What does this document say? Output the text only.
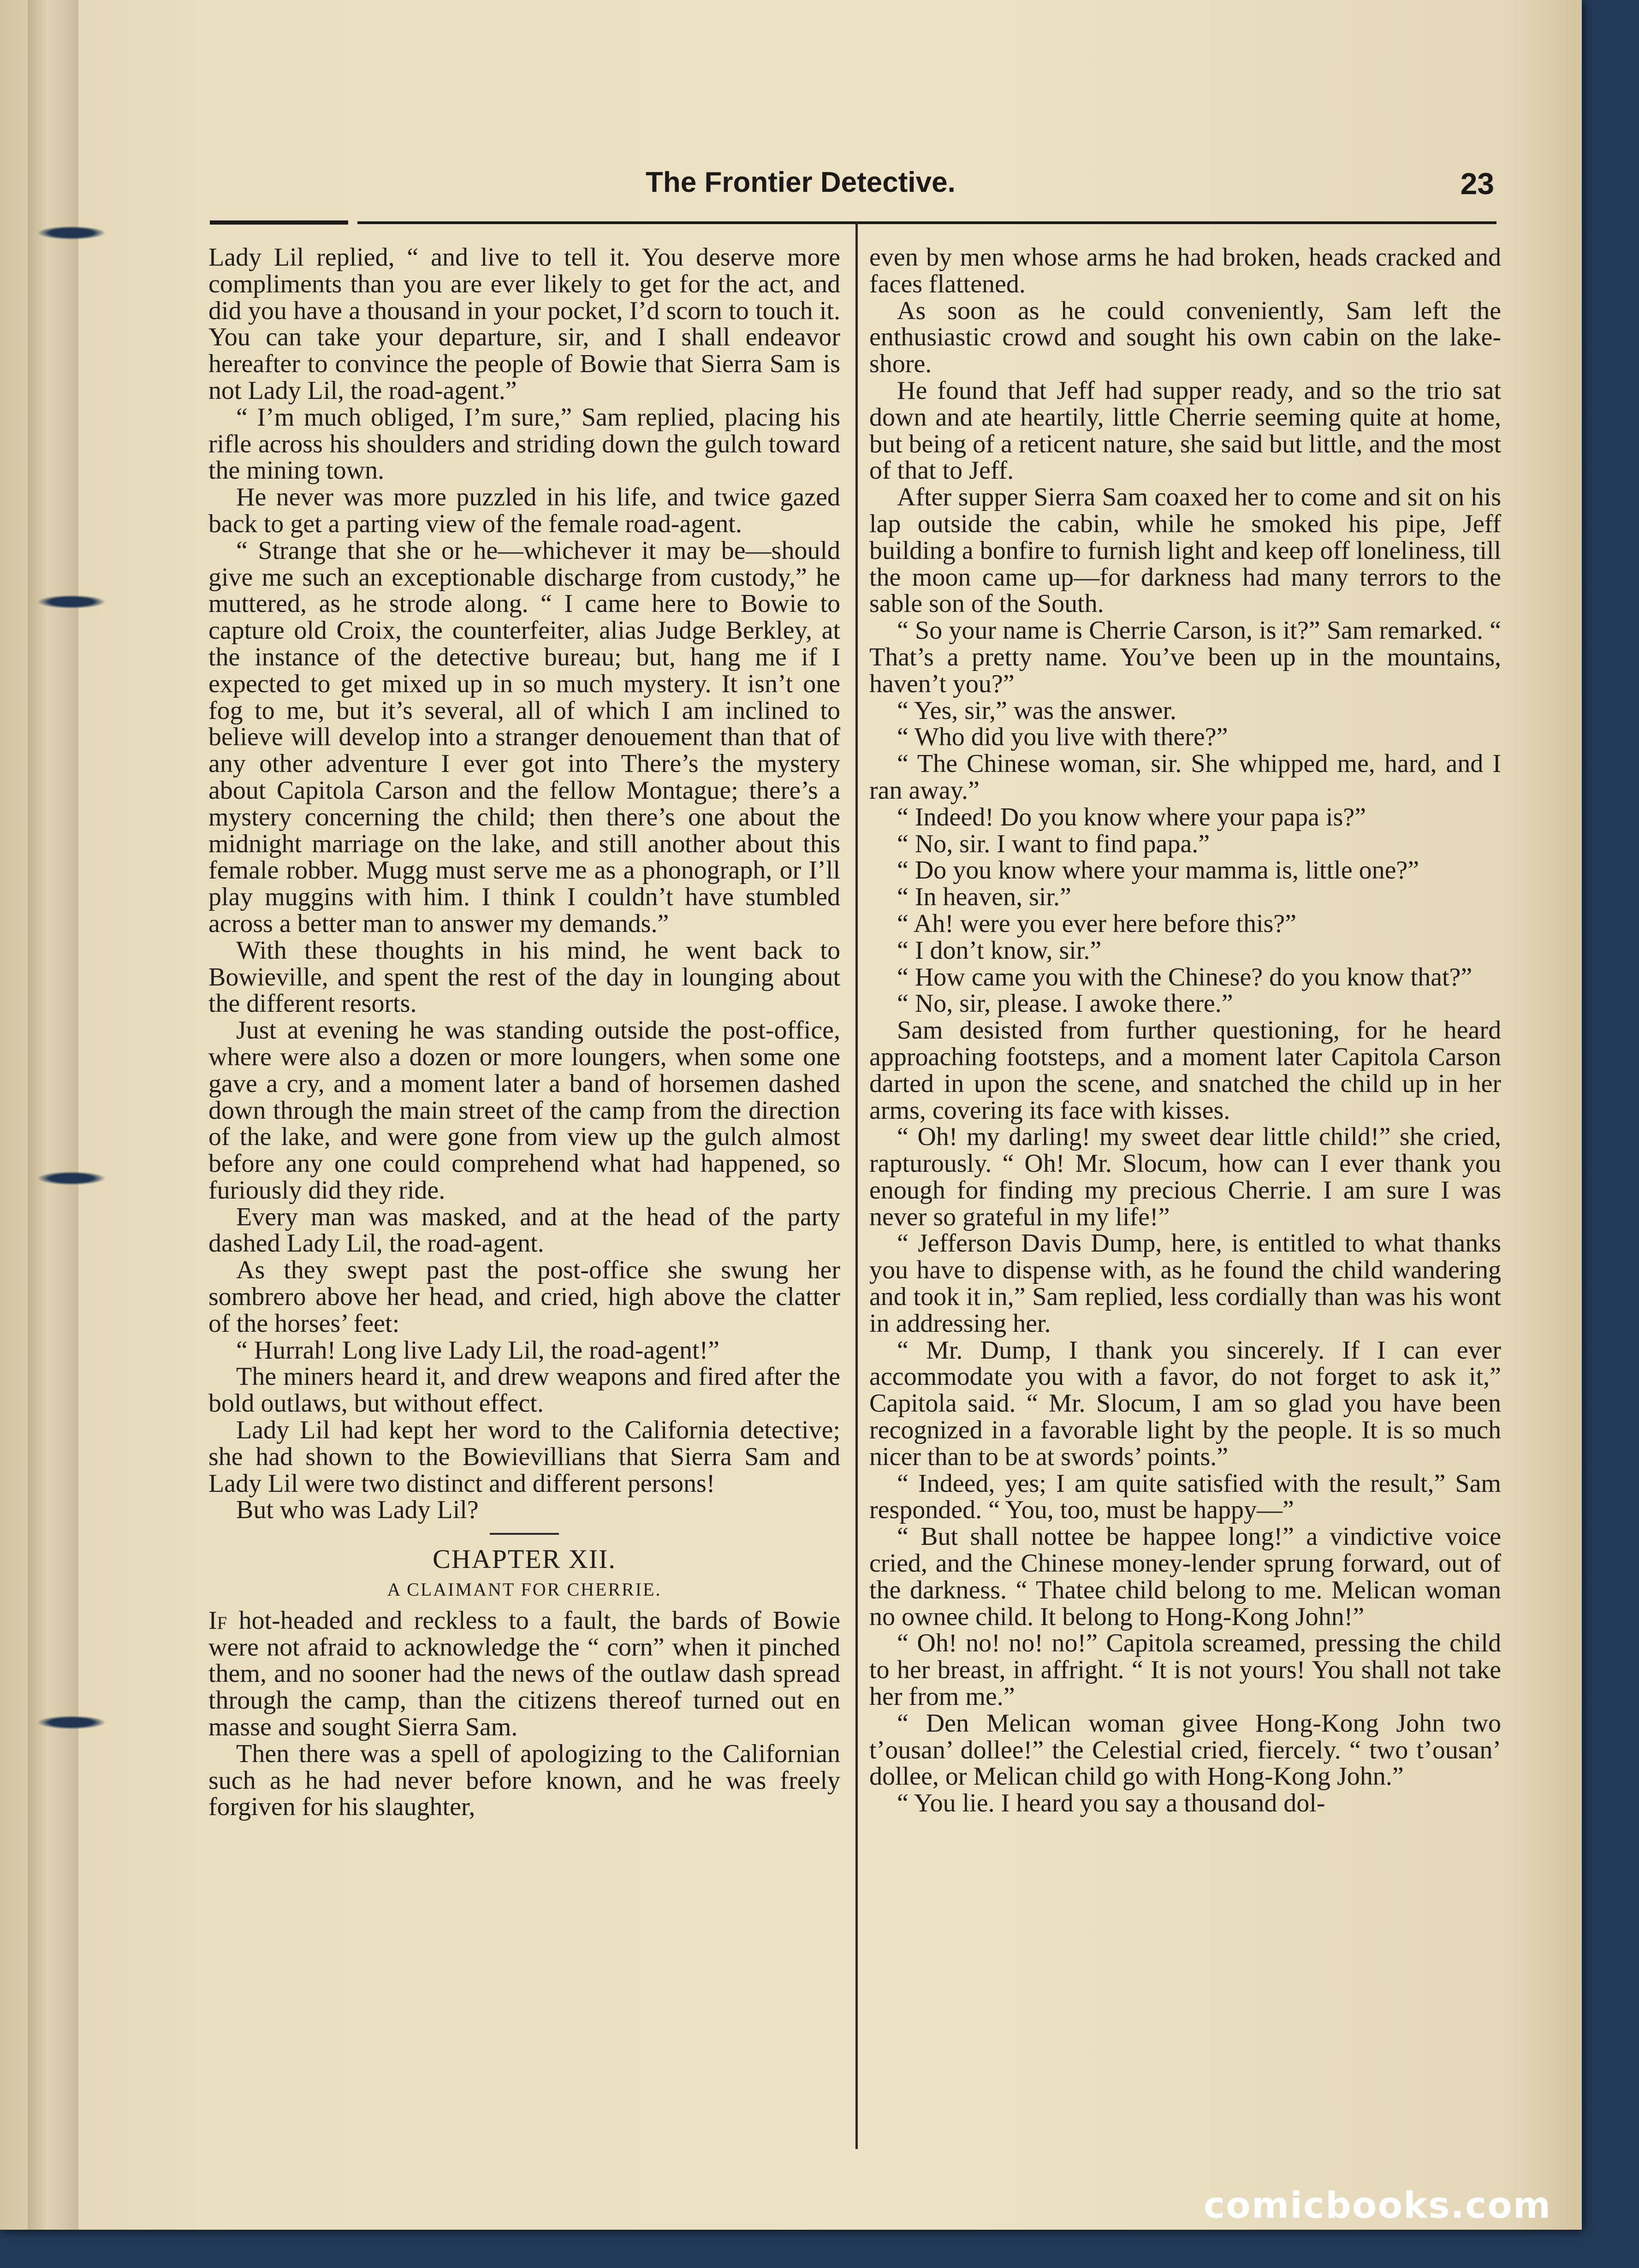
The Frontier Detective.	23

Lady Lil replied, “ and live to tell it. You deserve more compliments than you are ever likely to get for the act, and did you have a thousand in your pocket, I’d scorn to touch it. You can take your departure, sir, and I shall endeavor hereafter to convince the people of Bowie that Sierra Sam is not Lady Lil, the road-agent.”

“ I’m much obliged, I’m sure,” Sam replied, placing his rifle across his shoulders and striding down the gulch toward the mining town.

He never was more puzzled in his life, and twice gazed back to get a parting view of the female road-agent.

“ Strange that she or he—whichever it may be—should give me such an exceptionable discharge from custody,” he muttered, as he strode along. “ I came here to Bowie to capture old Croix, the counterfeiter, alias Judge Berkley, at the instance of the detective bureau; but, hang me if I expected to get mixed up in so much mystery. It isn’t one fog to me, but it’s several, all of which I am inclined to believe will develop into a stranger denouement than that of any other adventure I ever got into There’s the mystery about Capitola Carson and the fellow Montague; there’s a mystery concerning the child; then there’s one about the midnight marriage on the lake, and still another about this female robber. Mugg must serve me as a phonograph, or I’ll play muggins with him. I think I couldn’t have stumbled across a better man to answer my demands.”

With these thoughts in his mind, he went back to Bowieville, and spent the rest of the day in lounging about the different resorts.

Just at evening he was standing outside the post-office, where were also a dozen or more loungers, when some one gave a cry, and a moment later a band of horsemen dashed down through the main street of the camp from the direction of the lake, and were gone from view up the gulch almost before any one could comprehend what had happened, so furiously did they ride.

Every man was masked, and at the head of the party dashed Lady Lil, the road-agent.

As they swept past the post-office she swung her sombrero above her head, and cried, high above the clatter of the horses’ feet:

“ Hurrah! Long live Lady Lil, the road-agent!”

The miners heard it, and drew weapons and fired after the bold outlaws, but without effect.

Lady Lil had kept her word to the California detective; she had shown to the Bowievillians that Sierra Sam and Lady Lil were two distinct and different persons!

But who was Lady Lil?

CHAPTER XII.
A CLAIMANT FOR CHERRIE.

If hot-headed and reckless to a fault, the bards of Bowie were not afraid to acknowledge the “ corn” when it pinched them, and no sooner had the news of the outlaw dash spread through the camp, than the citizens thereof turned out en masse and sought Sierra Sam.

Then there was a spell of apologizing to the Californian such as he had never before known, and he was freely forgiven for his slaughter,

even by men whose arms he had broken, heads cracked and faces flattened.

As soon as he could conveniently, Sam left the enthusiastic crowd and sought his own cabin on the lake-shore.

He found that Jeff had supper ready, and so the trio sat down and ate heartily, little Cherrie seeming quite at home, but being of a reticent nature, she said but little, and the most of that to Jeff.

After supper Sierra Sam coaxed her to come and sit on his lap outside the cabin, while he smoked his pipe, Jeff building a bonfire to furnish light and keep off loneliness, till the moon came up—for darkness had many terrors to the sable son of the South.

“ So your name is Cherrie Carson, is it?” Sam remarked. “ That’s a pretty name. You’ve been up in the mountains, haven’t you?”

“ Yes, sir,” was the answer.

“ Who did you live with there?”

“ The Chinese woman, sir. She whipped me, hard, and I ran away.”

“ Indeed! Do you know where your papa is?”

“ No, sir. I want to find papa.”

“ Do you know where your mamma is, little one?”

“ In heaven, sir.”

“ Ah! were you ever here before this?”

“ I don’t know, sir.”

“ How came you with the Chinese? do you know that?”

“ No, sir, please. I awoke there.”

Sam desisted from further questioning, for he heard approaching footsteps, and a moment later Capitola Carson darted in upon the scene, and snatched the child up in her arms, covering its face with kisses.

“ Oh! my darling! my sweet dear little child!” she cried, rapturously. “ Oh! Mr. Slocum, how can I ever thank you enough for finding my precious Cherrie. I am sure I was never so grateful in my life!”

“ Jefferson Davis Dump, here, is entitled to what thanks you have to dispense with, as he found the child wandering and took it in,” Sam replied, less cordially than was his wont in addressing her.

“ Mr. Dump, I thank you sincerely. If I can ever accommodate you with a favor, do not forget to ask it,” Capitola said. “ Mr. Slocum, I am so glad you have been recognized in a favorable light by the people. It is so much nicer than to be at swords’ points.”

“ Indeed, yes; I am quite satisfied with the result,” Sam responded. “ You, too, must be happy—”

“ But shall nottee be happee long!” a vindictive voice cried, and the Chinese money-lender sprung forward, out of the darkness. “ Thatee child belong to me. Melican woman no ownee child. It belong to Hong-Kong John!”

“ Oh! no! no! no!” Capitola screamed, pressing the child to her breast, in affright. “ It is not yours! You shall not take her from me.”

“ Den Melican woman givee Hong-Kong John two t’ousan’ dollee!” the Celestial cried, fiercely. “ two t’ousan’ dollee, or Melican child go with Hong-Kong John.”

“ You lie. I heard you say a thousand dol-

comicbooks.com
